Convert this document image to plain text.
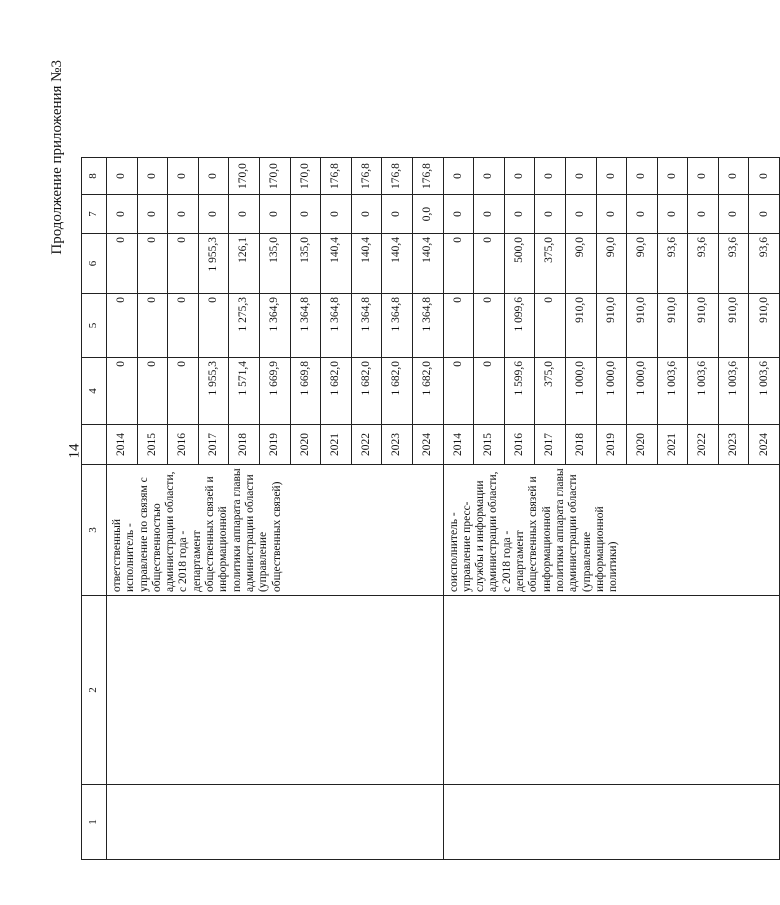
14
Продолжение приложения №3
1	2	3		4	5	6	7	8
		ответственный исполнитель - управление по связям с общественностью администрации области, с 2018 года - департамент общественных связей и информационной политики аппарата главы администрации области (управление общественных связей)	2014	0	0	0	0	0
			2015	0	0	0	0	0
			2016	0	0	0	0	0
			2017	1 955,3	0	1 955,3	0	0
			2018	1 571,4	1 275,3	126,1	0	170,0
			2019	1 669,9	1 364,9	135,0	0	170,0
			2020	1 669,8	1 364,8	135,0	0	170,0
			2021	1 682,0	1 364,8	140,4	0	176,8
			2022	1 682,0	1 364,8	140,4	0	176,8
			2023	1 682,0	1 364,8	140,4	0	176,8
			2024	1 682,0	1 364,8	140,4	0,0	176,8
		соисполнитель - управление пресс-службы и информации администрации области, с 2018 года - департамент общественных связей и информационной политики аппарата главы администрации области (управление информационной политики)	2014	0	0	0	0	0
			2015	0	0	0	0	0
			2016	1 599,6	1 099,6	500,0	0	0
			2017	375,0	0	375,0	0	0
			2018	1 000,0	910,0	90,0	0	0
			2019	1 000,0	910,0	90,0	0	0
			2020	1 000,0	910,0	90,0	0	0
			2021	1 003,6	910,0	93,6	0	0
			2022	1 003,6	910,0	93,6	0	0
			2023	1 003,6	910,0	93,6	0	0
			2024	1 003,6	910,0	93,6	0	0
